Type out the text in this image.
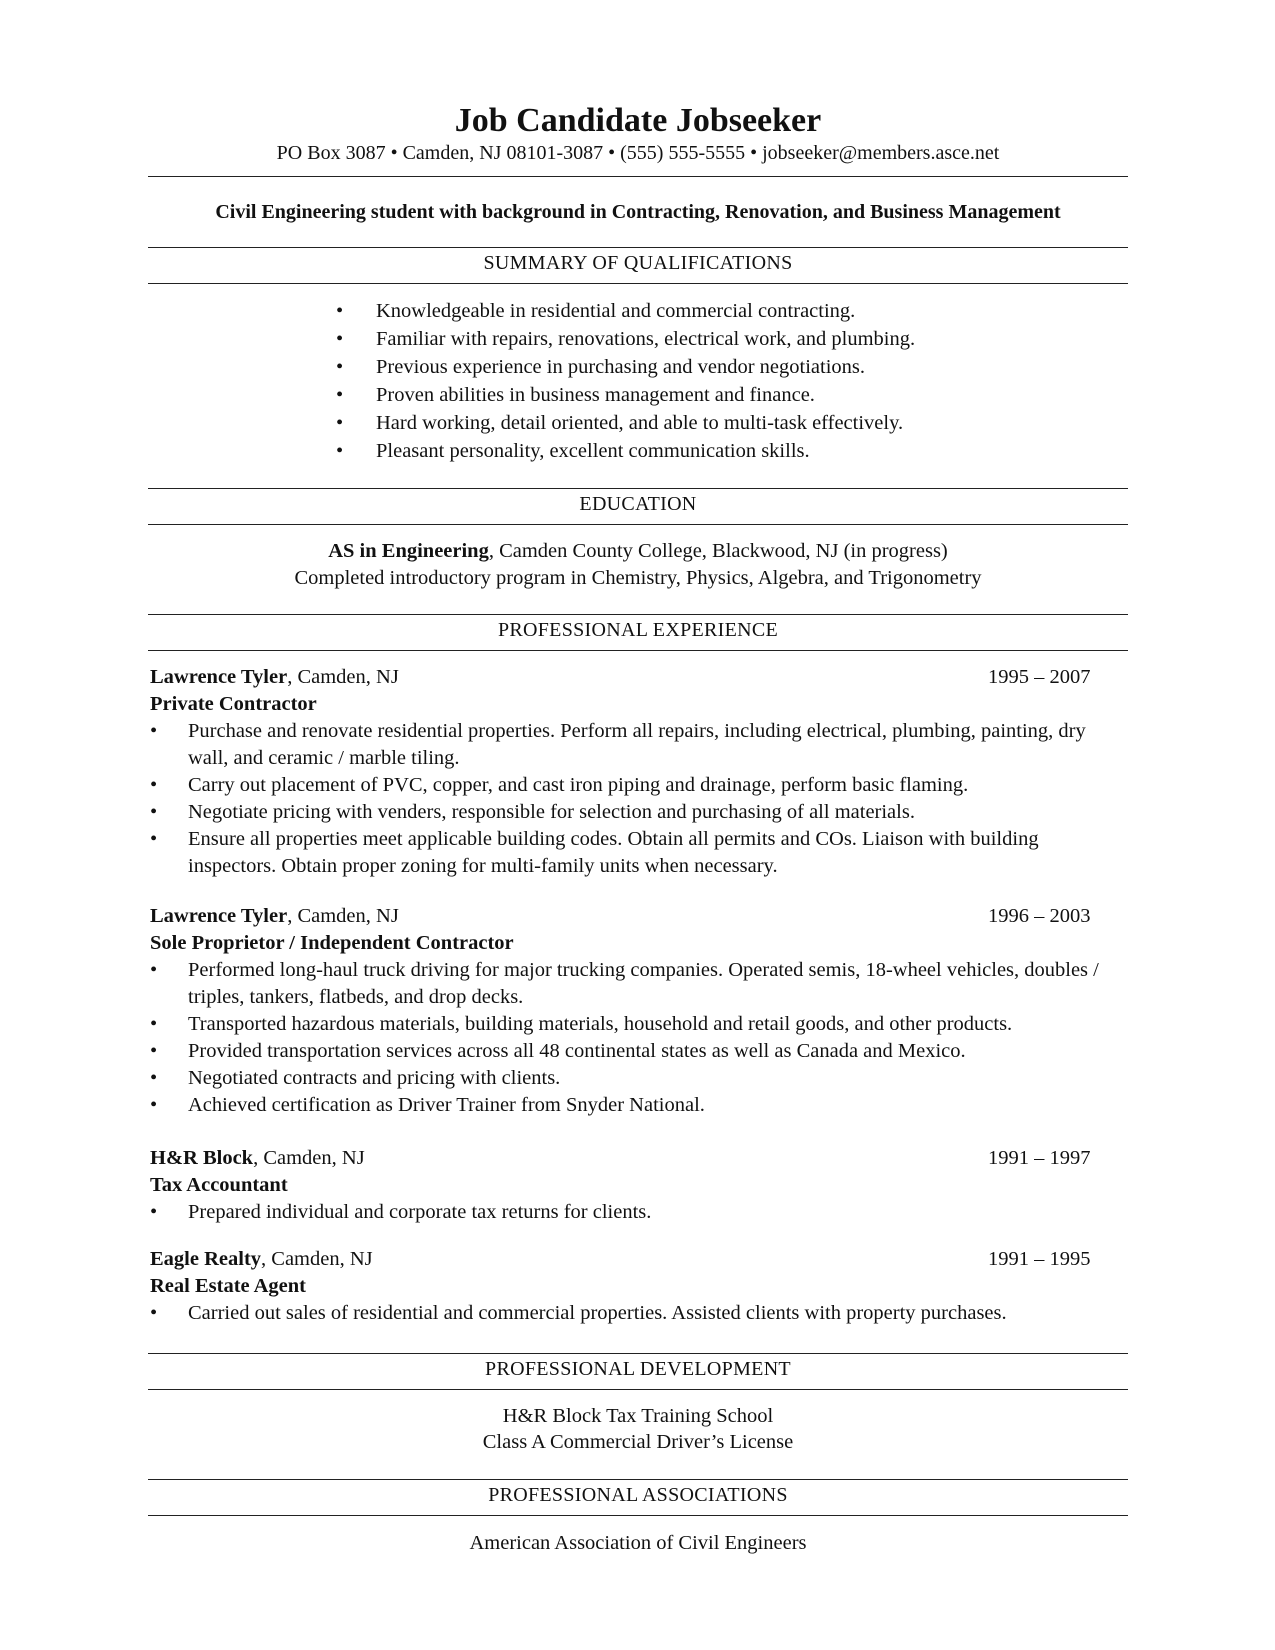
Job Candidate Jobseeker
PO Box 3087 • Camden, NJ 08101-3087 • (555) 555-5555 • jobseeker@members.asce.net
Civil Engineering student with background in Contracting, Renovation, and Business Management
SUMMARY OF QUALIFICATIONS
• Knowledgeable in residential and commercial contracting.
• Familiar with repairs, renovations, electrical work, and plumbing.
• Previous experience in purchasing and vendor negotiations.
• Proven abilities in business management and finance.
• Hard working, detail oriented, and able to multi-task effectively.
• Pleasant personality, excellent communication skills.
EDUCATION
AS in Engineering, Camden County College, Blackwood, NJ (in progress)
Completed introductory program in Chemistry, Physics, Algebra, and Trigonometry
PROFESSIONAL EXPERIENCE
Lawrence Tyler, Camden, NJ	1995 – 2007
Private Contractor
• Purchase and renovate residential properties. Perform all repairs, including electrical, plumbing, painting, dry wall, and ceramic / marble tiling.
• Carry out placement of PVC, copper, and cast iron piping and drainage, perform basic flaming.
• Negotiate pricing with venders, responsible for selection and purchasing of all materials.
• Ensure all properties meet applicable building codes. Obtain all permits and COs. Liaison with building inspectors. Obtain proper zoning for multi-family units when necessary.
Lawrence Tyler, Camden, NJ	1996 – 2003
Sole Proprietor / Independent Contractor
• Performed long-haul truck driving for major trucking companies. Operated semis, 18-wheel vehicles, doubles / triples, tankers, flatbeds, and drop decks.
• Transported hazardous materials, building materials, household and retail goods, and other products.
• Provided transportation services across all 48 continental states as well as Canada and Mexico.
• Negotiated contracts and pricing with clients.
• Achieved certification as Driver Trainer from Snyder National.
H&R Block, Camden, NJ	1991 – 1997
Tax Accountant
• Prepared individual and corporate tax returns for clients.
Eagle Realty, Camden, NJ	1991 – 1995
Real Estate Agent
• Carried out sales of residential and commercial properties. Assisted clients with property purchases.
PROFESSIONAL DEVELOPMENT
H&R Block Tax Training School
Class A Commercial Driver’s License
PROFESSIONAL ASSOCIATIONS
American Association of Civil Engineers
